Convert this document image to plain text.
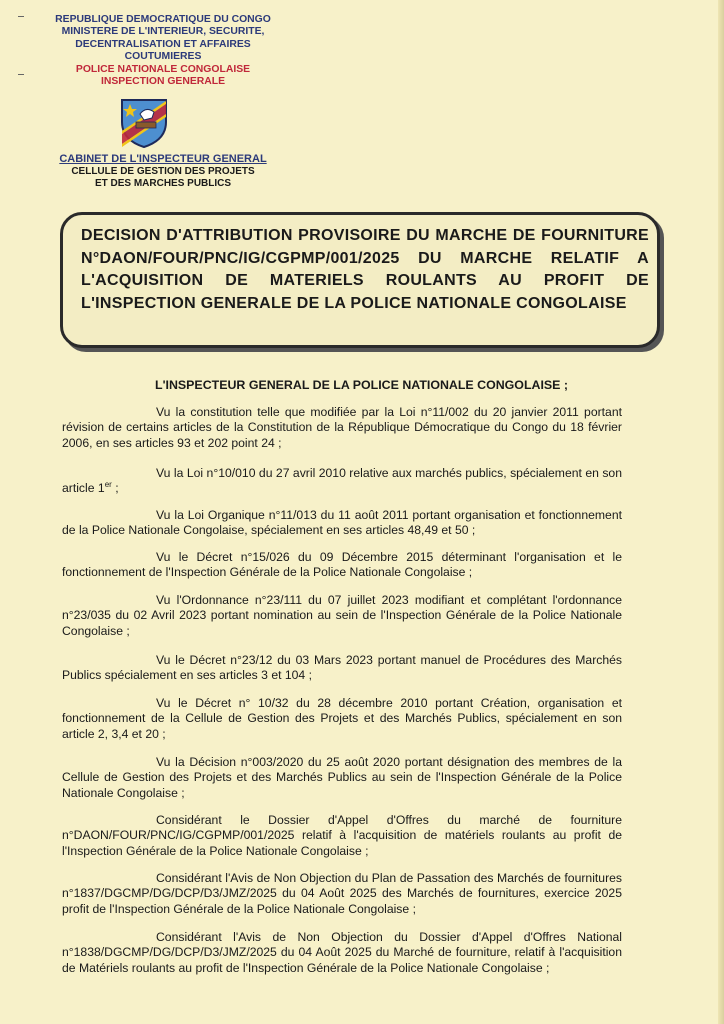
REPUBLIQUE DEMOCRATIQUE DU CONGO
MINISTERE DE L'INTERIEUR, SECURITE,
DECENTRALISATION ET AFFAIRES
COUTUMIERES
POLICE NATIONALE CONGOLAISE
INSPECTION GENERALE
CABINET DE L'INSPECTEUR GENERAL
CELLULE DE GESTION DES PROJETS
ET DES MARCHES PUBLICS
DECISION D'ATTRIBUTION PROVISOIRE DU MARCHE DE FOURNITURE N°DAON/FOUR/PNC/IG/CGPMP/001/2025 DU MARCHE RELATIF A L'ACQUISITION DE MATERIELS ROULANTS AU PROFIT DE L'INSPECTION GENERALE DE LA POLICE NATIONALE CONGOLAISE
L'INSPECTEUR GENERAL DE LA POLICE NATIONALE CONGOLAISE ;
Vu la constitution telle que modifiée par la Loi n°11/002 du 20 janvier 2011 portant révision de certains articles de la Constitution de la République Démocratique du Congo du 18 février 2006, en ses articles 93 et 202 point 24 ;
Vu la Loi n°10/010 du 27 avril 2010 relative aux marchés publics, spécialement en son article 1er ;
Vu la Loi Organique n°11/013 du 11 août 2011 portant organisation et fonctionnement de la Police Nationale Congolaise, spécialement en ses articles 48,49 et 50 ;
Vu le Décret n°15/026 du 09 Décembre 2015 déterminant l'organisation et le fonctionnement de l'Inspection Générale de la Police Nationale Congolaise ;
Vu l'Ordonnance n°23/111 du 07 juillet 2023 modifiant et complétant l'ordonnance n°23/035 du 02 Avril 2023 portant nomination au sein de l'Inspection Générale de la Police Nationale Congolaise ;
Vu le Décret n°23/12 du 03 Mars 2023 portant manuel de Procédures des Marchés Publics spécialement en ses articles 3 et 104 ;
Vu le Décret n° 10/32 du 28 décembre 2010 portant Création, organisation et fonctionnement de la Cellule de Gestion des Projets et des Marchés Publics, spécialement en son article 2, 3,4 et 20 ;
Vu la Décision n°003/2020 du 25 août 2020 portant désignation des membres de la Cellule de Gestion des Projets et des Marchés Publics au sein de l'Inspection Générale de la Police Nationale Congolaise ;
Considérant le Dossier d'Appel d'Offres du marché de fourniture n°DAON/FOUR/PNC/IG/CGPMP/001/2025 relatif à l'acquisition de matériels roulants au profit de l'Inspection Générale de la Police Nationale Congolaise ;
Considérant l'Avis de Non Objection du Plan de Passation des Marchés de fournitures n°1837/DGCMP/DG/DCP/D3/JMZ/2025 du 04 Août 2025 des Marchés de fournitures, exercice 2025 profit de l'Inspection Générale de la Police Nationale Congolaise ;
Considérant l'Avis de Non Objection du Dossier d'Appel d'Offres National n°1838/DGCMP/DG/DCP/D3/JMZ/2025 du 04 Août 2025 du Marché de fourniture, relatif à l'acquisition de Matériels roulants au profit de l'Inspection Générale de la Police Nationale Congolaise ;
